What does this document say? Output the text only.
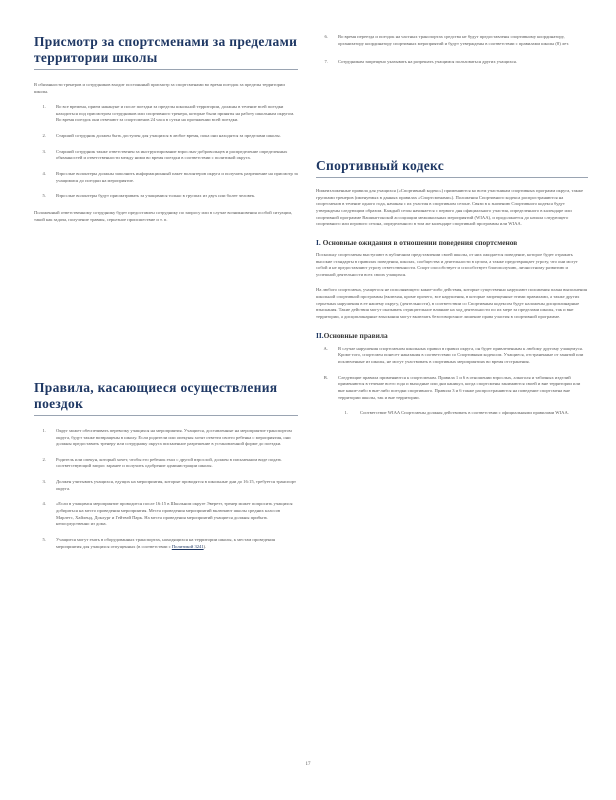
Присмотр за спортсменами за пределами территории школы

В обязанности тренеров и сотрудников входит постоянный присмотр за спортсменами во время поездок за пределы территории школы.

1. Во все времена, прием накануне и после поездки за пределы школьной территории, должны в течение всей поездки находиться под присмотром сотрудников или спортивного тренера, которые были приняты на работу школьным округом. Во время поездок они отвечают за спортсменов 24 часа в сутки на протяжении всей поездки.
2. Старший сотрудник должен быть доступен для учащихся в любое время, пока они находятся за пределами школы.
3. Старший сотрудник также ответственен за инструктирование взрослых-добровольцев и распределение определенных обязанностей и ответственности между ними во время поездки в соответствии с политикой округа.
4. Взрослые волонтеры должны заполнить информационный пакет волонтеров округа и получить разрешение на присмотр за учащимися до поездки на мероприятие.
5. Взрослые волонтеры будут присматривать за учащимися только в группах из двух или более человек.

Положенный ответственному сотруднику будет предоставлен сотруднику по запросу или в случае возникновения особой ситуации, такой как задача, получение травмы, серьезное происшествие и т. п.

Правила, касающиеся осуществления поездок
1. Округ может обеспечивать перевозку учащихся на мероприятия. Учащиеся, доставленные на мероприятие транспортом округа, будут также возвращены в школу. Если родители или опекуны хотят отвезти своего ребенка с мероприятия, они должны предоставить тренеру или сотруднику округа письменное разрешение в установленной форме до поездки.
2. Родитель или опекун, который хочет, чтобы его ребенок ехал с другой взрослой, должен в письменном виде подать соответствующий запрос заранее и получить одобрение администрации школы.
3. Должен учитывать учащихся, едущих на мероприятия, которые проводятся в школьные дни до 16:15, требуется транспорт округа.
4. «Если в учащимся мероприятие проводится после 16:15 в Школьном округе Эверетт, тренер может попросить учащихся добираться на место проведения мероприятия. Места проведения мероприятий включают школы средних классов Марлетс, Хайленд, Доклург и Гейтвэй Парк. На места проведения мероприятий учащиеся должны прибыть непосредственно из дома.
5. Учащиеся могут ехать в оборудованных транспортах, находящихся на территории школы, к местам проведения мероприятия для учащихся отпущенных (в соответствии с Политикой 3241).
6. Во время переезда и поездок на частных транспортах средства не будут предоставлены спортивному координатору, организатору координатору спортивных мероприятий и будут утверждены в соответствии с правилами школы (8) лет.
7. Сотрудникам запрещено указывать на разрешать учащимся пользоваться других учащихся.
Спортивный кодекс

Нижеизложенные правила для учащихся («Спортивный кодекс») применяются ко всем участникам спортивных программ округа, также группами тренеров (именуемых в данных правилах «Спортсменами»). Положения Спортивного кодекса распространяются на спортсменов в течение одного года, начиная с их участия в спортивном сезоне. Связи в к значению Спортивного кодекса будут утверждены следующим образом. Каждый сезон начинается с первого дня официального участия, определенного в календаре или спортивной программе Вашингтонской ассоциации межшкольных мероприятий (WIAA), и продолжается до начала следующего спортивного или игрового сезона, определенного в том же календаре спортивной программы или WIAA.

I. Основные ожидания в отношении поведения спортсменов

Поскольку спортсмены выступают в публичном представлении своей школы, от них ожидается поведение, которое будет отражать высокие стандарты в правилах поведения, школах, сообщества и деятельности в целом, а также предотвращает угрозу, что они могут собой и не предоставляют угрозу ответственности. Спорт способствует и способствует благополучию, личностному развитию и успешной деятельности всех своих учащихся.

На любого спортсмена, учащегося не исполняющего какие-либо действия, которые существенно нарушают положения плана выполнения школьной спортивной программы (включая, кроме прочего, все нарушения, в которые запрещенные этими правилами, а также других серьезных нарушения в ее нашему округу, (деятельности), в соответствии со Спортивным кодексом будут наложены дисциплинарные взыскания. Такие действия могут оказывать отрицательное влияние на ход деятельности по их мере за пределами школы, так и вне территории, а дисциплинарные взыскания могут включать безоговорочное лишение права участия в спортивной программе.

II.Основные правила
A. В случае нарушения спортсменом школьных правил в правил округа, он будет привлеченным к любому другому учащемуся. Кроме того, спортсмен понесет наказания в соответствии со Спортивным кодексом. Учащиеся, отстраненные от занятий или исключенные из школы, не могут участвовать в спортивных мероприятиях во время отстранения.
B. Следующие правила применяются к спортсменам. Правила 1 и 6 в отношении взрослых, алкоголя и табачных изделий применяются в течение всего года и выходные или дни каникул, когда спортсмены занимаются своей и вне территории или вне какие-либо в вне-либо поездки спортивного. Правила 3 и 6 также распространяются на поведение спортсмена вне территории школы, так и вне территории.
1.	Соответствие WIAA Спортсмены должны действовать в соответствии с официальными правилами WIAA.
17
